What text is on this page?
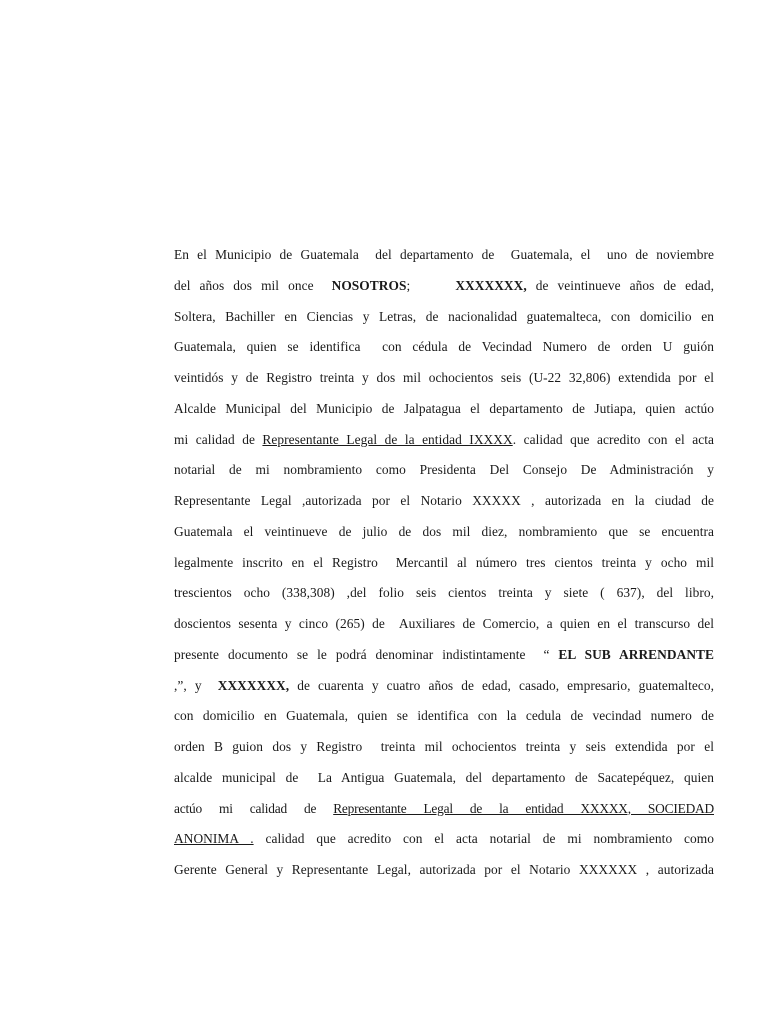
En el Municipio de Guatemala  del departamento de  Guatemala, el  uno de noviembre
del años dos mil once  NOSOTROS;     XXXXXXX, de veintinueve años de edad,
Soltera, Bachiller en Ciencias y Letras, de nacionalidad guatemalteca, con domicilio en
Guatemala, quien se identifica  con cédula de Vecindad Numero de orden U guión
veintidós y de Registro treinta y dos mil ochocientos seis (U-22 32,806) extendida por el
Alcalde Municipal del Municipio de Jalpatagua el departamento de Jutiapa, quien actúo
mi calidad de Representante Legal de la entidad IXXXX. calidad que acredito con el acta
notarial de mi nombramiento como Presidenta Del Consejo De Administración y
Representante Legal ,autorizada por el Notario XXXXX , autorizada en la ciudad de
Guatemala el veintinueve de julio de dos mil diez, nombramiento que se encuentra
legalmente inscrito en el Registro  Mercantil al número tres cientos treinta y ocho mil
trescientos ocho (338,308) ,del folio seis cientos treinta y siete ( 637), del libro,
doscientos sesenta y cinco (265) de  Auxiliares de Comercio, a quien en el transcurso del
presente documento se le podrá denominar indistintamente  “ EL SUB ARRENDANTE
,”, y  XXXXXXX, de cuarenta y cuatro años de edad, casado, empresario, guatemalteco,
con domicilio en Guatemala, quien se identifica con la cedula de vecindad numero de
orden B guion dos y Registro  treinta mil ochocientos treinta y seis extendida por el
alcalde municipal de  La Antigua Guatemala, del departamento de Sacatepéquez, quien
actúo mi calidad de Representante Legal de la entidad XXXXX, SOCIEDAD
ANONIMA . calidad que acredito con el acta notarial de mi nombramiento como
Gerente General y Representante Legal, autorizada por el Notario XXXXXX , autorizada
